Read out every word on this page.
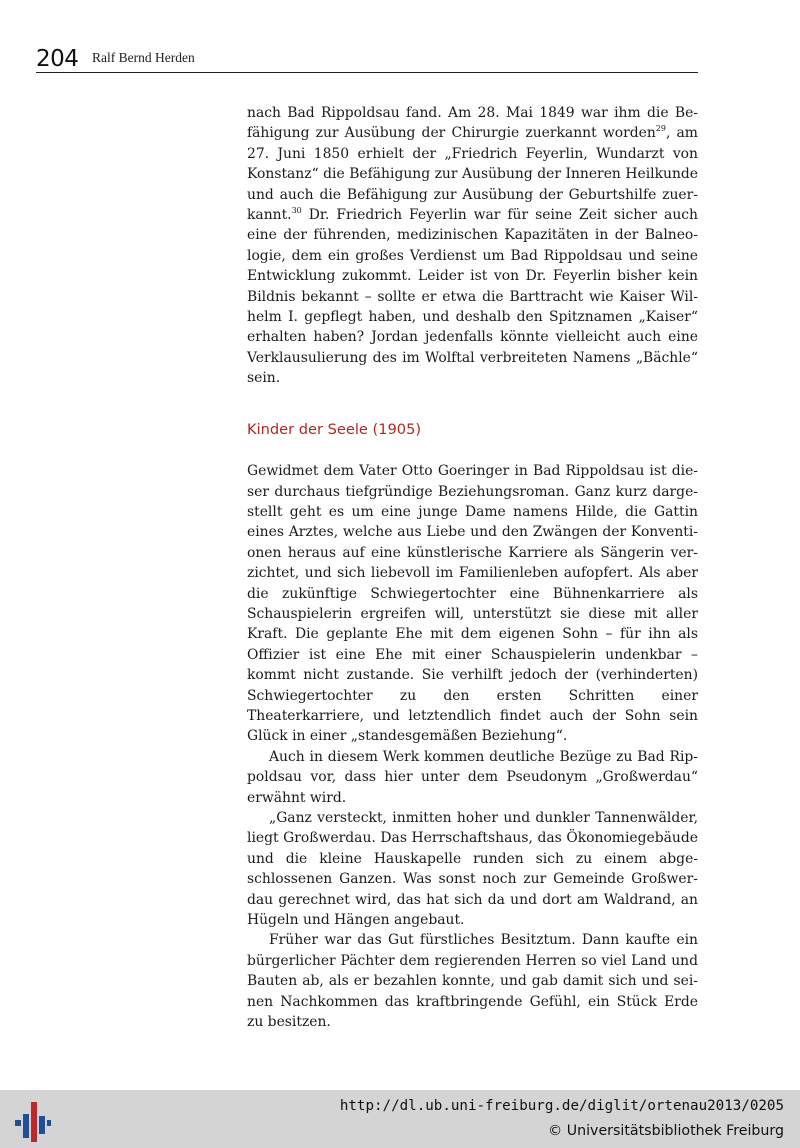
204 Ralf Bernd Herden

nach Bad Rippoldsau fand. Am 28. Mai 1849 war ihm die Befähigung zur Ausübung der Chirurgie zuerkannt worden$^{29}$, am 27. Juni 1850 erhielt der „Friedrich Feyerlin, Wundarzt von Konstanz“ die Befähigung zur Ausübung der Inneren Heilkunde und auch die Befähigung zur Ausübung der Geburtshilfe zuerkannt.$^{30}$ Dr. Friedrich Feyerlin war für seine Zeit sicher auch eine der führenden, medizinischen Kapazitäten in der Balneologie, dem ein großes Verdienst um Bad Rippoldsau und seine Entwicklung zukommt. Leider ist von Dr. Feyerlin bisher kein Bildnis bekannt – sollte er etwa die Barttracht wie Kaiser Wilhelm I. gepflegt haben, und deshalb den Spitznamen „Kaiser“ erhalten haben? Jordan jedenfalls könnte vielleicht auch eine Verklausulierung des im Wolftal verbreiteten Namens „Bächle“ sein.

Kinder der Seele (1905)

Gewidmet dem Vater Otto Goeringer in Bad Rippoldsau ist dieser durchaus tiefgründige Beziehungsroman. Ganz kurz dargestellt geht es um eine junge Dame namens Hilde, die Gattin eines Arztes, welche aus Liebe und den Zwängen der Konventionen heraus auf eine künstlerische Karriere als Sängerin verzichtet, und sich liebevoll im Familienleben aufopfert. Als aber die zukünftige Schwiegertochter eine Bühnenkarriere als Schauspielerin ergreifen will, unterstützt sie diese mit aller Kraft. Die geplante Ehe mit dem eigenen Sohn – für ihn als Offizier ist eine Ehe mit einer Schauspielerin undenkbar – kommt nicht zustande. Sie verhilft jedoch der (verhinderten) Schwiegertochter zu den ersten Schritten einer Theaterkarriere, und letztendlich findet auch der Sohn sein Glück in einer „standesgemäßen Beziehung“.

Auch in diesem Werk kommen deutliche Bezüge zu Bad Rippoldsau vor, dass hier unter dem Pseudonym „Großwerdau“ erwähnt wird.

„Ganz versteckt, inmitten hoher und dunkler Tannenwälder, liegt Großwerdau. Das Herrschaftshaus, das Ökonomiegebäude und die kleine Hauskapelle runden sich zu einem abgeschlossenen Ganzen. Was sonst noch zur Gemeinde Großwerdau gerechnet wird, das hat sich da und dort am Waldrand, an Hügeln und Hängen angebaut.

Früher war das Gut fürstliches Besitztum. Dann kaufte ein bürgerlicher Pächter dem regierenden Herren so viel Land und Bauten ab, als er bezahlen konnte, und gab damit sich und seinen Nachkommen das kraftbringende Gefühl, ein Stück Erde zu besitzen.

http://dl.ub.uni-freiburg.de/diglit/ortenau2013/0205
© Universitätsbibliothek Freiburg
